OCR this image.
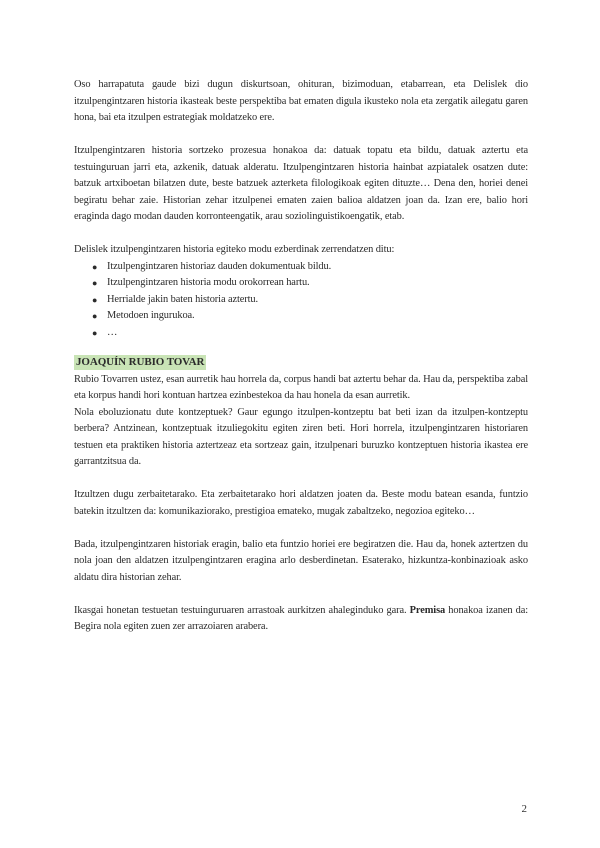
Oso harrapatuta gaude bizi dugun diskurtsoan, ohituran, bizimoduan, etabarrean, eta Delislek dio itzulpengintzaren historia ikasteak beste perspektiba bat ematen digula ikusteko nola eta zergatik ailegatu garen hona, bai eta itzulpen estrategiak moldatzeko ere.

Itzulpengintzaren historia sortzeko prozesua honakoa da: datuak topatu eta bildu, datuak aztertu eta testuinguruan jarri eta, azkenik, datuak alderatu. Itzulpengintzaren historia hainbat azpiatalek osatzen dute: batzuk artxiboetan bilatzen dute, beste batzuek azterketa filologikoak egiten dituzte… Dena den, horiei denei begiratu behar zaie. Historian zehar itzulpenei ematen zaien balioa aldatzen joan da. Izan ere, balio hori eraginda dago modan dauden korronteengatik, arau soziolinguistikoengatik, etab.

Delislek itzulpengintzaren historia egiteko modu ezberdinak zerrendatzen ditu:

● Itzulpengintzaren historiaz dauden dokumentuak bildu.
● Itzulpengintzaren historia modu orokorrean hartu.
● Herrialde jakin baten historia aztertu.
● Metodoen ingurukoa.
● …
JOAQUÍN RUBIO TOVAR

Rubio Tovarren ustez, esan aurretik hau horrela da, corpus handi bat aztertu behar da. Hau da, perspektiba zabal eta korpus handi hori kontuan hartzea ezinbestekoa da hau honela da esan aurretik.

Nola eboluzionatu dute kontzeptuek? Gaur egungo itzulpen-kontzeptu bat beti izan da itzulpen-kontzeptu berbera? Antzinean, kontzeptuak itzuliegokitu egiten ziren beti. Hori horrela, itzulpengintzaren historiaren testuen eta praktiken historia aztertzeaz eta sortzeaz gain, itzulpenari buruzko kontzeptuen historia ikastea ere garrantzitsua da.

Itzultzen dugu zerbaitetarako. Eta zerbaitetarako hori aldatzen joaten da. Beste modu batean esanda, funtzio batekin itzultzen da: komunikaziorako, prestigioa emateko, mugak zabaltzeko, negozioa egiteko…

Bada, itzulpengintzaren historiak eragin, balio eta funtzio horiei ere begiratzen die. Hau da, honek aztertzen du nola joan den aldatzen itzulpengintzaren eragina arlo desberdinetan. Esaterako, hizkuntza-konbinazioak asko aldatu dira historian zehar.

Ikasgai honetan testuetan testuinguruaren arrastoak aurkitzen ahaleginduko gara. Premisa honakoa izanen da: Begira nola egiten zuen zer arrazoiaren arabera.

2
